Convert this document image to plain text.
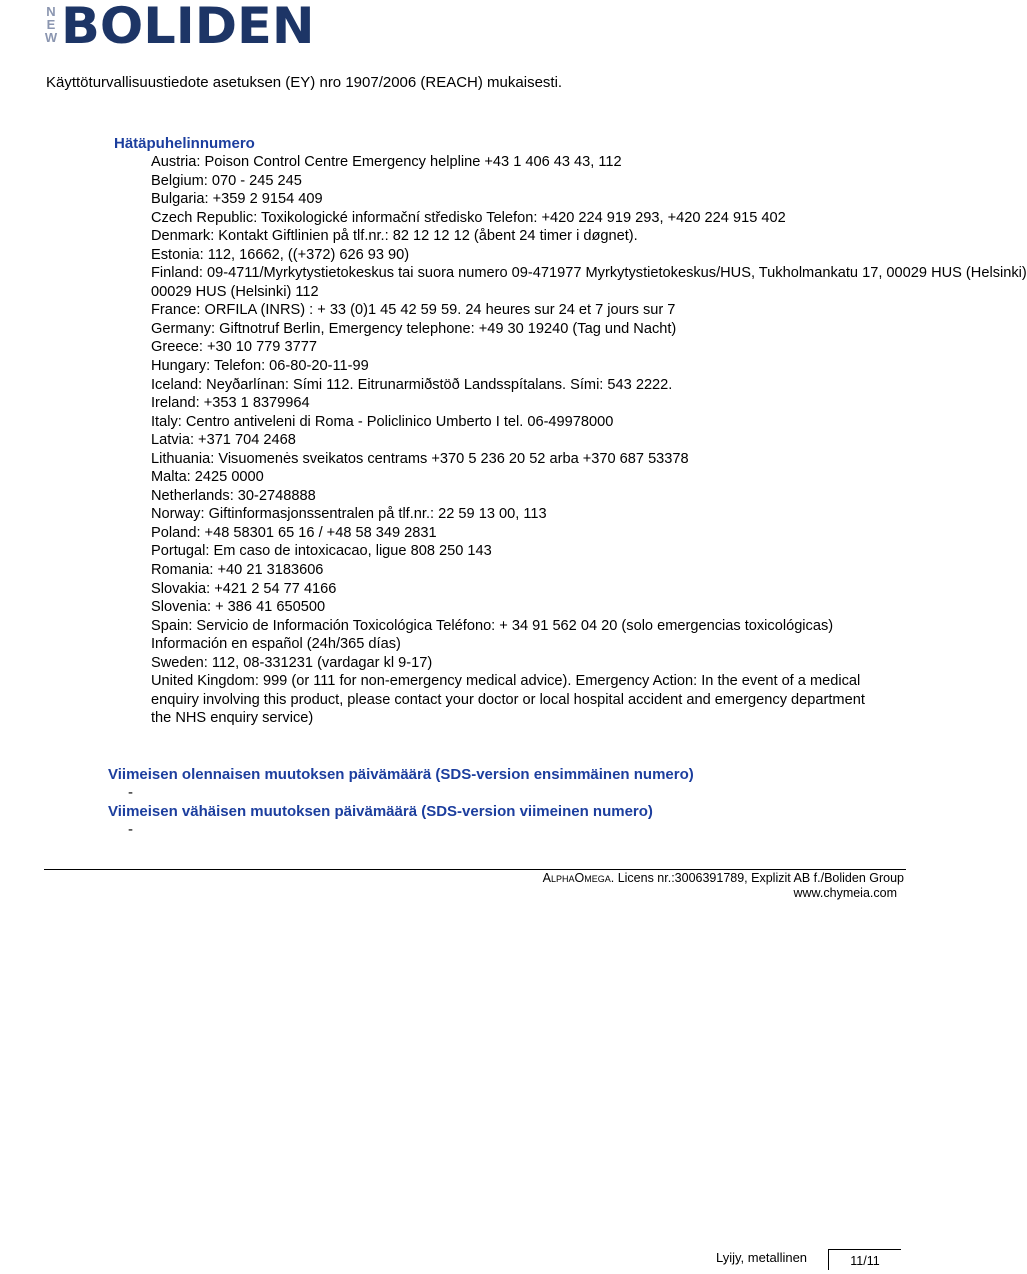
N
E
W BOLIDEN
Käyttöturvallisuustiedote asetuksen (EY) nro 1907/2006 (REACH) mukaisesti.
Hätäpuhelinnumero
Austria: Poison Control Centre Emergency helpline +43 1 406 43 43, 112
Belgium: 070 - 245 245
Bulgaria: +359 2 9154 409
Czech Republic: Toxikologické informační středisko Telefon: +420 224 919 293, +420 224 915 402
Denmark: Kontakt Giftlinien på tlf.nr.: 82 12 12 12 (åbent 24 timer i døgnet).
Estonia: 112, 16662, ((+372) 626 93 90)
Finland: 09-4711/Myrkytystietokeskus tai suora numero 09-471977 Myrkytystietokeskus/HUS, Tukholmankatu 17, 00029 HUS (Helsinki)
00029 HUS (Helsinki) 112
France: ORFILA (INRS) : + 33 (0)1 45 42 59 59. 24 heures sur 24 et 7 jours sur 7
Germany: Giftnotruf Berlin, Emergency telephone: +49 30 19240 (Tag und Nacht)
Greece: +30 10 779 3777
Hungary: Telefon: 06-80-20-11-99
Iceland: Neyðarlínan: Sími 112. Eitrunarmiðstöð Landsspítalans. Sími: 543 2222.
Ireland: +353 1 8379964
Italy: Centro antiveleni di Roma - Policlinico Umberto I tel. 06-49978000
Latvia: +371 704 2468
Lithuania: Visuomenės sveikatos centrams +370 5 236 20 52 arba +370 687 53378
Malta: 2425 0000
Netherlands: 30-2748888
Norway: Giftinformasjonssentralen på tlf.nr.: 22 59 13 00, 113
Poland: +48 58301 65 16 / +48 58 349 2831
Portugal: Em caso de intoxicacao, ligue 808 250 143
Romania: +40 21 3183606
Slovakia: +421 2 54 77 4166
Slovenia: + 386 41 650500
Spain: Servicio de Información Toxicológica Teléfono: + 34 91 562 04 20 (solo emergencias toxicológicas)
Información en español (24h/365 días)
Sweden: 112, 08-331231 (vardagar kl 9-17)
United Kingdom: 999 (or 111 for non-emergency medical advice). Emergency Action: In the event of a medical
enquiry involving this product, please contact your doctor or local hospital accident and emergency department
the NHS enquiry service)
Viimeisen olennaisen muutoksen päivämäärä (SDS-version ensimmäinen numero)
-
Viimeisen vähäisen muutoksen päivämäärä (SDS-version viimeinen numero)
-
AlphaOmega. Licens nr.:3006391789, Explizit AB f./Boliden Group
www.chymeia.com
Lyijy, metallinen	11/11
